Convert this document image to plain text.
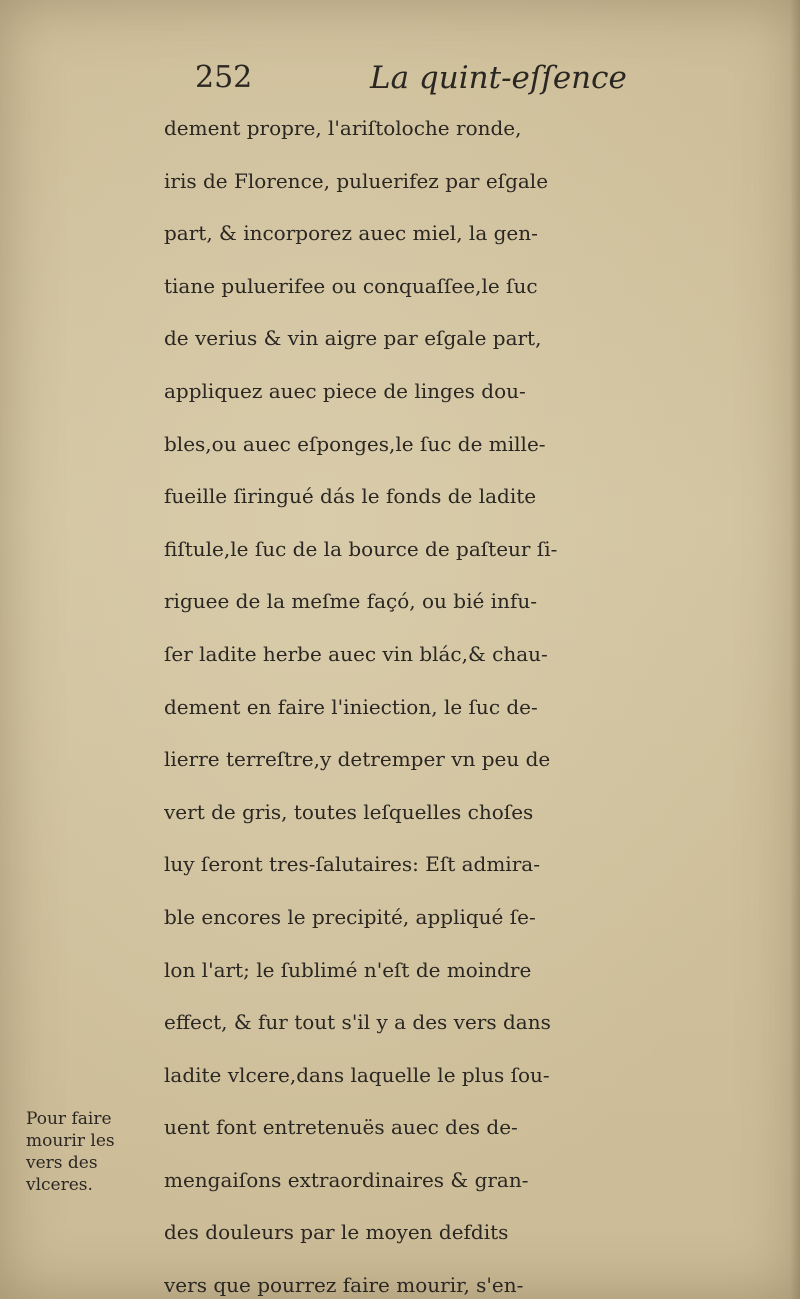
252	La quint-eſſence
dement propre, l'ariſtoloche ronde,
iris de Florence, puluerifez par eſgale
part, & incorporez auec miel, la gen-
tiane puluerifee ou conquaſſee,le ſuc
de verius & vin aigre par eſgale part,
appliquez auec piece de linges dou-
bles,ou auec eſponges,le ſuc de mille-
fueille ſiringué dás le fonds de ladite
fiſtule,le ſuc de la bource de paſteur ſi-
riguee de la meſme façó, ou bié infu-
ſer ladite herbe auec vin blác,& chau-
dement en faire l'iniection, le ſuc de-
lierre terreſtre,y detremper vn peu de
vert de gris, toutes leſquelles choſes
luy ſeront tres-ſalutaires: Eſt admira-
ble encores le precipité, appliqué ſe-
lon l'art; le ſublimé n'eſt de moindre
effect, & fur tout s'il y a des vers dans
ladite vlcere,dans laquelle le plus ſou-
uent font entretenuës auec des de-
mengaiſons extraordinaires & gran-
des douleurs par le moyen defdits
vers que pourrez faire mourir, s'en-
Pour faire
mourir les
vers des
vlceres.
